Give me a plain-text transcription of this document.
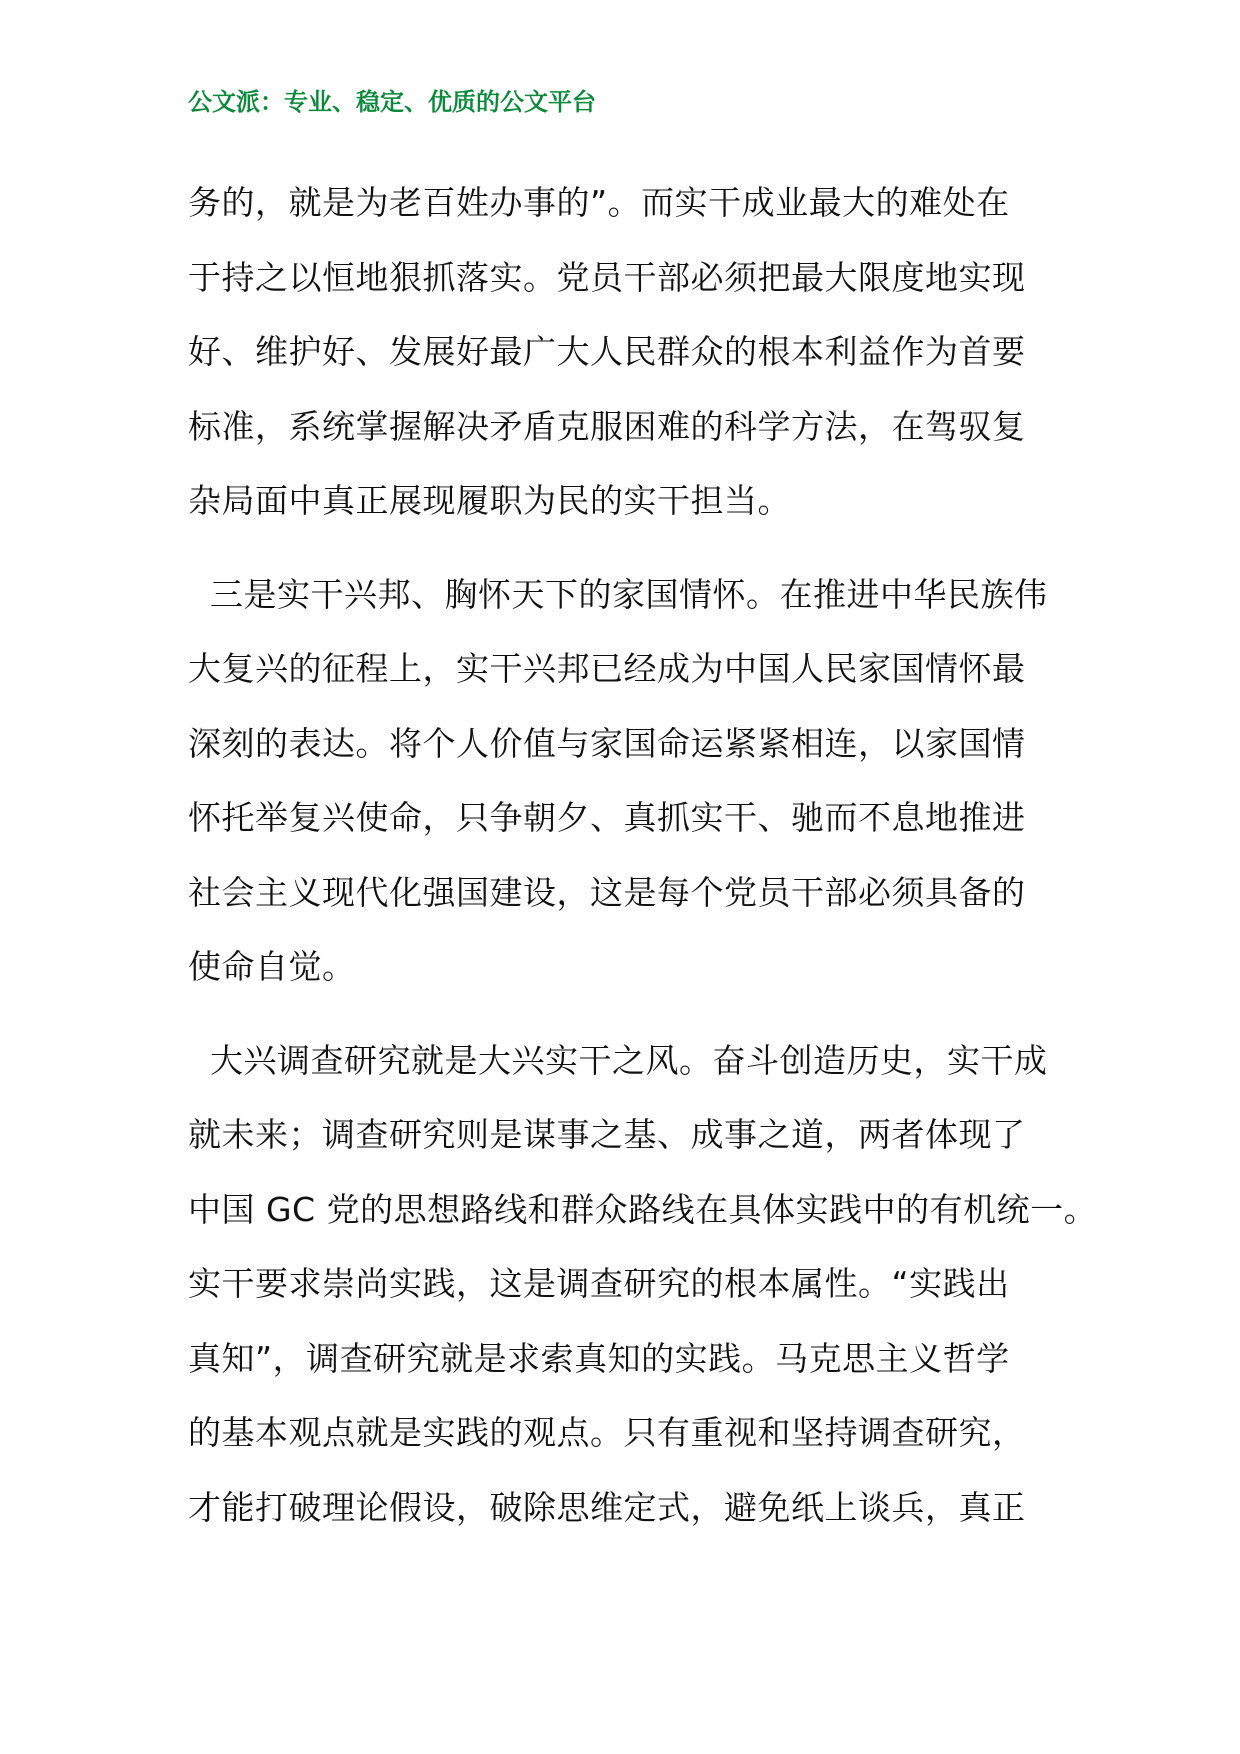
公文派：专业、稳定、优质的公文平台
务的，就是为老百姓办事的”。而实干成业最大的难处在
于持之以恒地狠抓落实。党员干部必须把最大限度地实现
好、维护好、发展好最广大人民群众的根本利益作为首要
标准，系统掌握解决矛盾克服困难的科学方法，在驾驭复
杂局面中真正展现履职为民的实干担当。
三是实干兴邦、胸怀天下的家国情怀。在推进中华民族伟
大复兴的征程上，实干兴邦已经成为中国人民家国情怀最
深刻的表达。将个人价值与家国命运紧紧相连，以家国情
怀托举复兴使命，只争朝夕、真抓实干、驰而不息地推进
社会主义现代化强国建设，这是每个党员干部必须具备的
使命自觉。
大兴调查研究就是大兴实干之风。奋斗创造历史，实干成
就未来；调查研究则是谋事之基、成事之道，两者体现了
中国 GC 党的思想路线和群众路线在具体实践中的有机统一。
实干要求崇尚实践，这是调查研究的根本属性。“实践出
真知”，调查研究就是求索真知的实践。马克思主义哲学
的基本观点就是实践的观点。只有重视和坚持调查研究，
才能打破理论假设，破除思维定式，避免纸上谈兵，真正
